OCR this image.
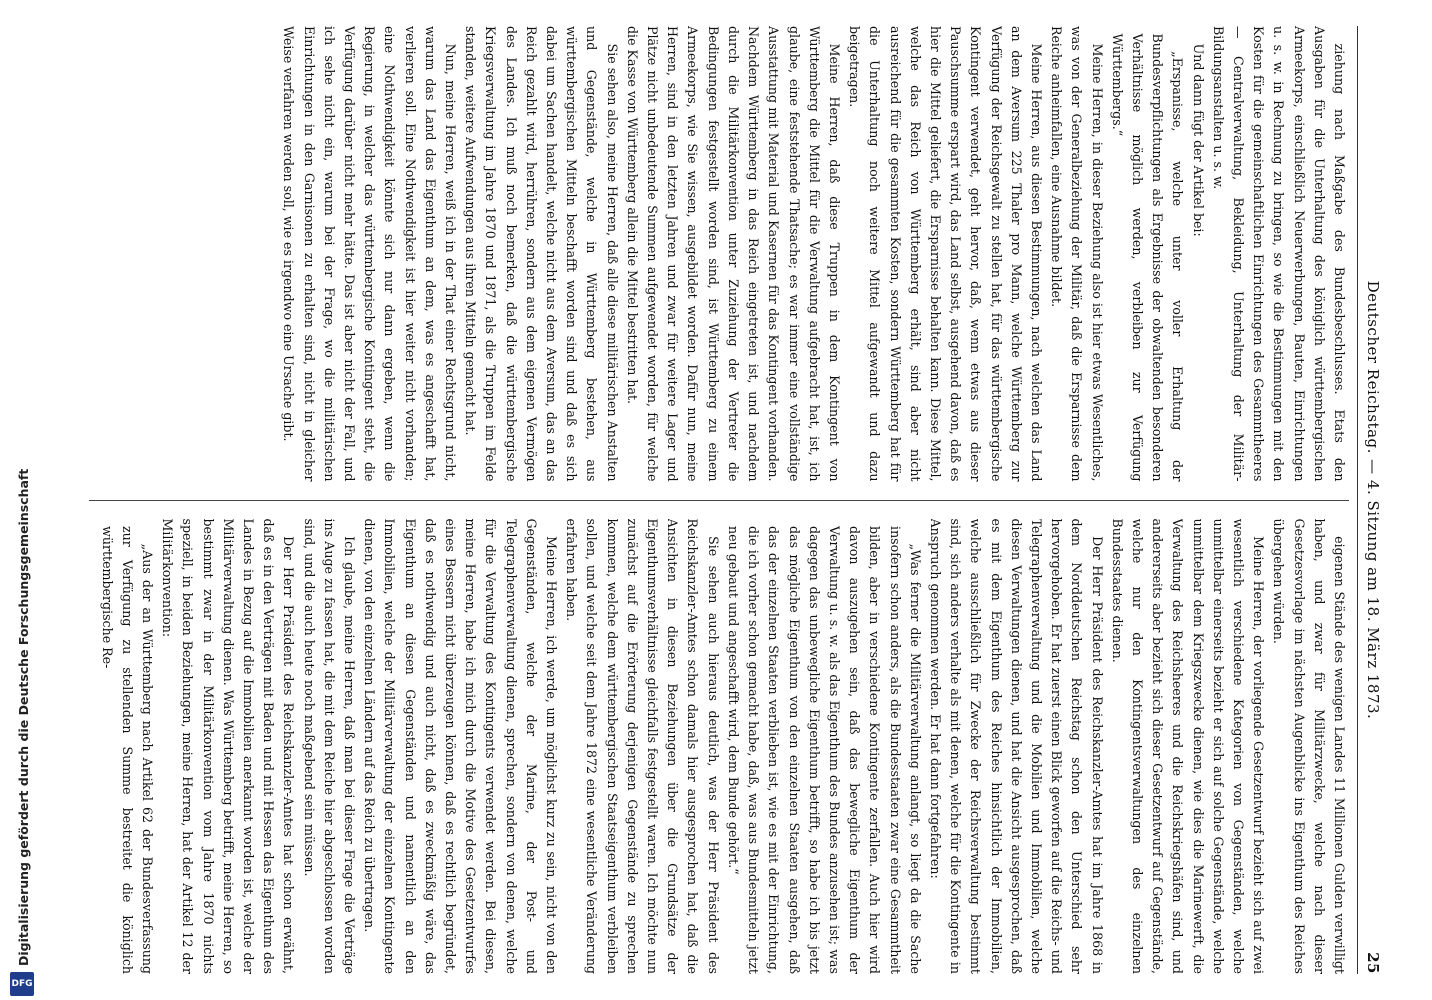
Digitalisierung gefördert durch die Deutsche Forschungsgemeinschaft
DFG
Deutscher Reichstag. — 4. Sitzung am 18. März 1873.
25

ziehung nach Maßgabe des Bundesbeschlusses. Etats den Ausgaben für die Unterhaltung des königlich württembergischen Armeekorps, einschließlich Neuerwerbungen, Bauten, Einrichtungen u. s. w. in Rechnung zu bringen, so wie die Bestimmungen mit den Kosten für die gemeinschaftlichen Einrichtungen des Gesammtheeres — Centralverwaltung, Bekleidung, Unterhaltung der Militär-Bildungsanstalten u. s. w.

Und dann fügt der Artikel bei:

„Erspanisse, welche unter voller Erhaltung der Bundesverpflichtungen als Ergebnisse der obwaltenden besonderen Verhältnisse möglich werden, verbleiben zur Verfügung Württembergs.“

Meine Herren, in dieser Beziehung also ist hier etwas Wesentliches, was von der Generalbeziehung der Militär, daß die Ersparnisse dem Reiche anheimfallen, eine Ausnahme bildet.

Meine Herren, aus diesen Bestimmungen, nach welchen das Land an dem Aversum 225 Thaler pro Mann, welche Württemberg zur Verfügung der Reichsgewalt zu stellen hat, für das württembergische Kontingent verwendet, geht hervor, daß, wenn etwas aus dieser Pauschsumme erspart wird, das Land selbst, ausgehend davon, daß es hier die Mittel geliefert, die Ersparnisse behalten kann. Diese Mittel, welche das Reich von Württemberg erhält, sind aber nicht ausreichend für die gesammten Kosten, sondern Württemberg hat für die Unterhaltung noch weitere Mittel aufgewandt und dazu beigetragen.

Meine Herren, daß diese Truppen in dem Kontingent von Württemberg die Mittel für die Verwaltung aufgebracht hat, ist, ich glaube, eine feststehende Thatsache; es war immer eine vollständige Ausstattung mit Material und Kasernen für das Kontingent vorhanden. Nachdem Württemberg in das Reich eingetreten ist, und nachdem durch die Militärkonvention unter Zuziehung der Vertreter die Bedingungen festgestellt worden sind, ist Württemberg zu einem Armeekorps, wie Sie wissen, ausgebildet worden. Dafür nun, meine Herren, sind in den letzten Jahren und zwar für weitere Lager und Plätze nicht unbedeutende Summen aufgewendet worden, für welche die Kasse von Württemberg allein die Mittel bestritten hat.

Sie sehen also, meine Herren, daß alle diese militärischen Anstalten und Gegenstände, welche in Württemberg bestehen, aus württembergischen Mitteln beschafft worden sind und daß es sich dabei um Sachen handelt, welche nicht aus dem Aversum, das an das Reich gezahlt wird, herrühren, sondern aus dem eigenen Vermögen des Landes. Ich muß noch bemerken, daß die württembergische Kriegsverwaltung im Jahre 1870 und 1871, als die Truppen im Felde standen, weitere Aufwendungen aus ihren Mitteln gemacht hat.

Nun, meine Herren, weiß ich in der That einer Rechtsgrund nicht, warum das Land das Eigenthum an dem, was es angeschafft hat, verlieren soll. Eine Nothwendigkeit ist hier weiter nicht vorhanden; eine Nothwendigkeit könnte sich nur dann ergeben, wenn die Regierung, in welcher das württembergische Kontingent steht, die Verfügung darüber nicht mehr hätte. Das ist aber nicht der Fall, und ich sehe nicht ein, warum bei der Frage, wo die militärischen Einrichtungen in den Garnisonen zu erhalten sind, nicht in gleicher Weise verfahren werden soll, wie es irgendwo eine Ursache gibt.

eigenen Stände des wenigen Landes 11 Millionen Gulden verwilligt haben, und zwar für Militärzwecke, welche nach dieser Gesetzesvorlage im nächsten Augenblicke ins Eigenthum des Reiches übergehen würden.

Meine Herren, der vorliegende Gesetzentwurf bezieht sich auf zwei wesentlich verschiedene Kategorien von Gegenständen, welche unmittelbar einerseits bezieht er sich auf solche Gegenstände, welche unmittelbar dem Kriegszwecke dienen, wie dies die Marinewerft, die Verwaltung des Reichsheeres und die Reichskriegshäfen sind, und andererseits aber bezieht sich dieser Gesetzentwurf auf Gegenstände, welche nur den Kontingentsverwaltungen des einzelnen Bundesstaates dienen.

Der Herr Präsident des Reichskanzler-Amtes hat im Jahre 1868 in dem Norddeutschen Reichstag schon den Unterschied sehr hervorgehoben. Er hat zuerst einen Blick geworfen auf die Reichs- und Telegraphenverwaltung und die Mobilien und Immobilien, welche diesen Verwaltungen dienen, und hat die Ansicht ausgesprochen, daß es mit dem Eigenthum des Reiches hinsichtlich der Immobilien, welche ausschließlich für Zwecke der Reichsverwaltung bestimmt sind, sich anders verhalte als mit denen, welche für die Kontingente in Anspruch genommen werden. Er hat dann fortgefahren:

„Was ferner die Militärverwaltung anlangt, so liegt da die Sache insofern schon anders, als die Bundesstaaten zwar eine Gesammtheit bilden, aber in verschiedene Kontingente zerfallen. Auch hier wird davon auszugehen sein, daß das bewegliche Eigenthum der Verwaltung u. s. w. als das Eigenthum des Bundes anzusehen ist; was dagegen das unbewegliche Eigenthum betrifft, so habe ich bis jetzt das mögliche Eigenthum von den einzelnen Staaten ausgehen, daß das der einzelnen Staaten verblieben ist, wie es mit der Einrichtung, die ich vorher schon gemacht habe, daß, was aus Bundesmitteln jetzt neu gebaut und angeschafft wird, dem Bunde gehört.“

Sie sehen auch hieraus deutlich, was der Herr Präsident des Reichskanzler-Amtes schon damals hier ausgesprochen hat, daß die Ansichten in diesen Beziehungen über die Grundsätze der Eigenthumsverhältnisse gleichfalls festgestellt waren. Ich möchte nun zunächst auf die Erörterung derjenigen Gegenstände zu sprechen kommen, welche dem württembergischen Staatseigenthum verbleiben sollen, und welche seit dem Jahre 1872 eine wesentliche Veränderung erfahren haben.

Meine Herren, ich werde, um möglichst kurz zu sein, nicht von den Gegenständen, welche der Marine, der Post- und Telegraphenverwaltung dienen, sprechen, sondern von denen, welche für die Verwaltung des Kontingents verwendet werden. Bei diesen, meine Herren, habe ich mich durch die Motive des Gesetzentwurfes eines Bessern nicht überzeugen können, daß es rechtlich begründet, daß es nothwendig und auch nicht, daß es zweckmäßig wäre, das Eigenthum an diesen Gegenständen und namentlich an den Immobilien, welche der Militärverwaltung der einzelnen Kontingente dienen, von den einzelnen Ländern auf das Reich zu übertragen.

Ich glaube, meine Herren, daß man bei dieser Frage die Verträge ins Auge zu fassen hat, die mit dem Reiche hier abgeschlossen worden sind, und die auch heute noch maßgebend sein müssen.

Der Herr Präsident des Reichskanzler-Amtes hat schon erwähnt, daß es in den Verträgen mit Baden und mit Hessen das Eigenthum des Landes in Bezug auf die Immobilien anerkannt worden ist, welche der Militärverwaltung dienen. Was Württemberg betrifft, meine Herren, so bestimmt zwar in der Militärkonvention vom Jahre 1870 nichts speziell, in beiden Beziehungen, meine Herren, hat der Artikel 12 der Militärkonvention:

„Aus der an Württemberg nach Artikel 62 der Bundesverfassung zur Verfügung zu stellenden Summe bestreitet die königlich württembergische Re-
